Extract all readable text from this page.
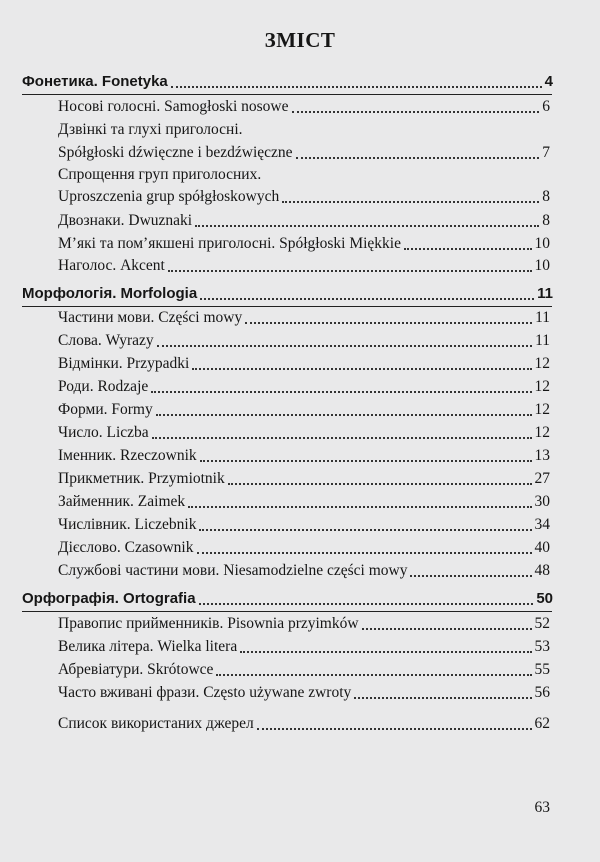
ЗМІСТ
Фонетика. Fonetyka	4
Носові голосні. Samogłoski nosowe	6
Дзвінкі та глухі приголосні.
Spółgłoski dźwięczne i bezdźwięczne	7
Спрощення груп приголосних.
Uproszczenia grup spółgłoskowych	8
Двознаки. Dwuznaki	8
М’які та пом’якшені приголосні. Spółgłoski Miękkie	10
Наголос. Akcent	10
Морфологія. Morfologia	11
Частини мови. Części mowy	11
Слова. Wyrazy	11
Відмінки. Przypadki	12
Роди. Rodzaje	12
Форми. Formy	12
Число. Liczba	12
Іменник. Rzeczownik	13
Прикметник. Przymiotnik	27
Займенник. Zaimek	30
Числівник. Liczebnik	34
Дієслово. Czasownik	40
Службові частини мови. Niesamodzielne części mowy	48
Орфографія. Ortografia	50
Правопис прийменників. Pisownia przyimków	52
Велика літера. Wielka litera	53
Абревіатури. Skrótowce	55
Часто вживані фрази. Często używane zwroty	56
Список використаних джерел	62
63
